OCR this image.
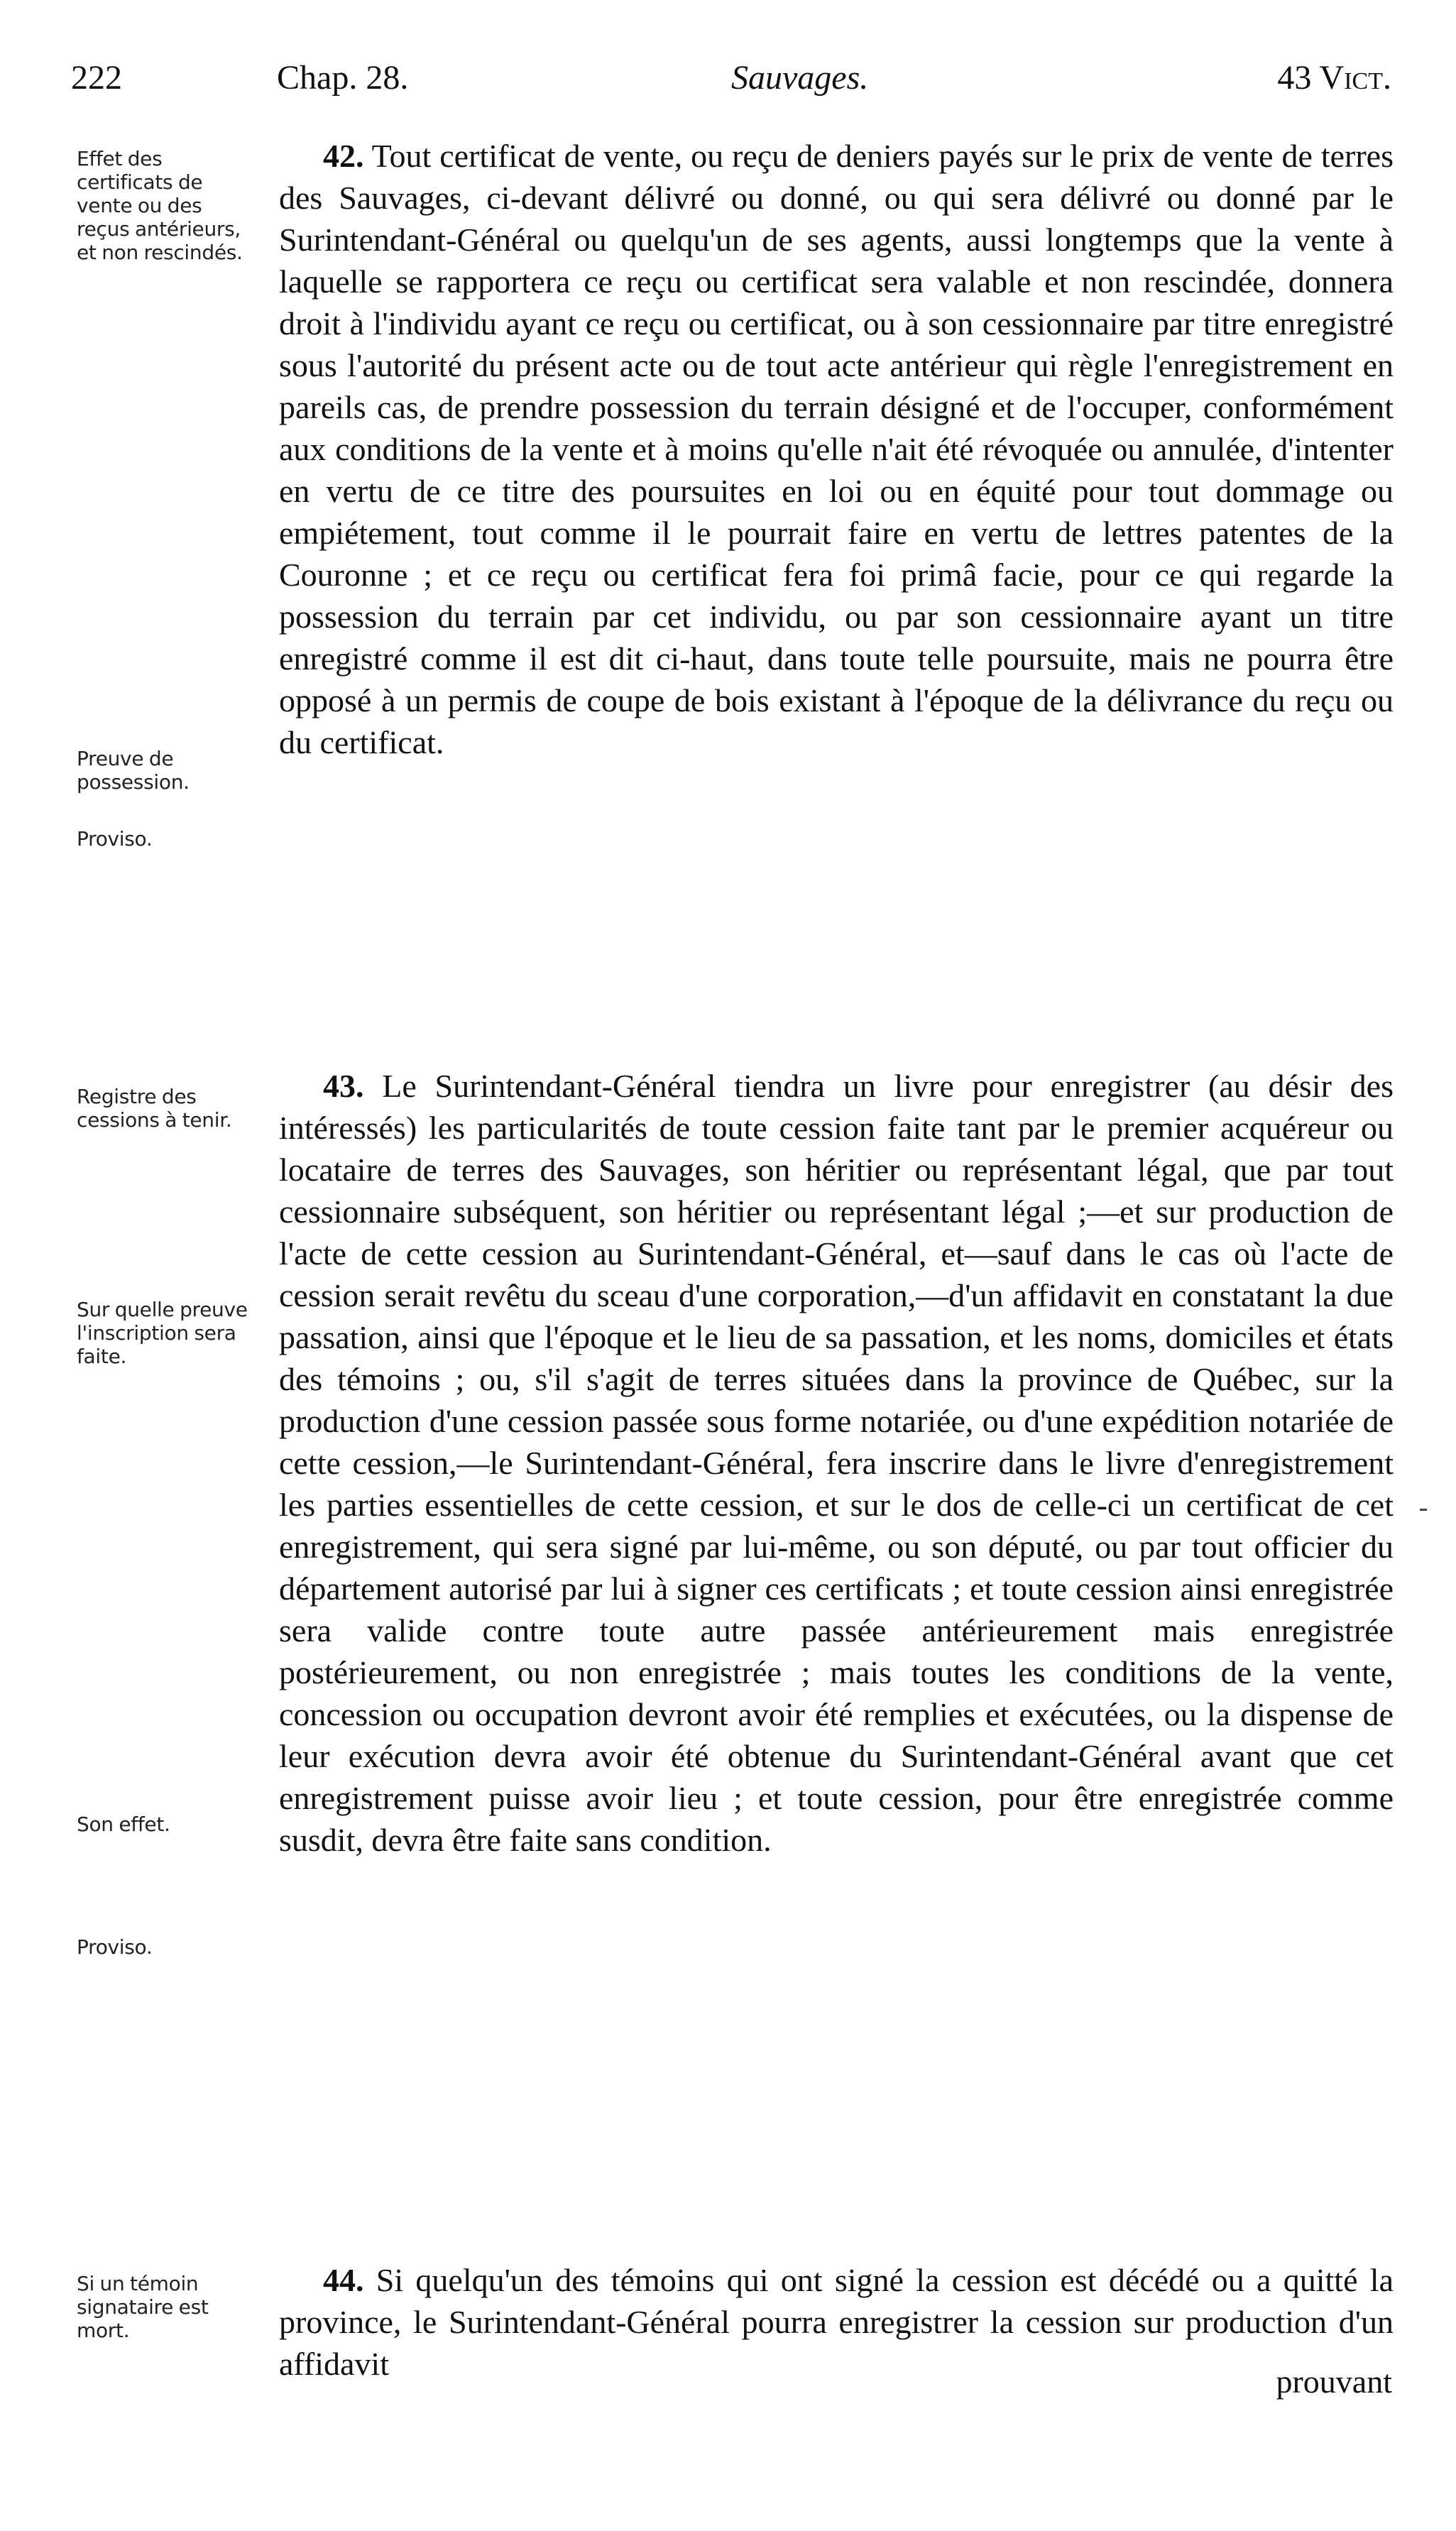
222	Chap. 28.	Sauvages.	43 Vict.

Effet des certificats de vente ou des reçus antérieurs, et non rescindés.

Preuve de possession.

Proviso.

42. Tout certificat de vente, ou reçu de deniers payés sur le prix de vente de terres des Sauvages, ci-devant délivré ou donné, ou qui sera délivré ou donné par le Surintendant-Général ou quelqu'un de ses agents, aussi longtemps que la vente à laquelle se rapportera ce reçu ou certificat sera valable et non rescindée, donnera droit à l'individu ayant ce reçu ou certificat, ou à son cessionnaire par titre enregistré sous l'autorité du présent acte ou de tout acte antérieur qui règle l'enregistrement en pareils cas, de prendre possession du terrain désigné et de l'occuper, conformément aux conditions de la vente et à moins qu'elle n'ait été révoquée ou annulée, d'intenter en vertu de ce titre des poursuites en loi ou en équité pour tout dommage ou empiétement, tout comme il le pourrait faire en vertu de lettres patentes de la Couronne ; et ce reçu ou certificat fera foi primâ facie, pour ce qui regarde la possession du terrain par cet individu, ou par son cessionnaire ayant un titre enregistré comme il est dit ci-haut, dans toute telle poursuite, mais ne pourra être opposé à un permis de coupe de bois existant à l'époque de la délivrance du reçu ou du certificat.

Registre des cessions à tenir.

Sur quelle preuve l'inscription sera faite.

Son effet.

Proviso.

43. Le Surintendant-Général tiendra un livre pour enregistrer (au désir des intéressés) les particularités de toute cession faite tant par le premier acquéreur ou locataire de terres des Sauvages, son héritier ou représentant légal, que par tout cessionnaire subséquent, son héritier ou représentant légal ;—et sur production de l'acte de cette cession au Surintendant-Général, et—sauf dans le cas où l'acte de cession serait revêtu du sceau d'une corporation,—d'un affidavit en constatant la due passation, ainsi que l'époque et le lieu de sa passation, et les noms, domiciles et états des témoins ; ou, s'il s'agit de terres situées dans la province de Québec, sur la production d'une cession passée sous forme notariée, ou d'une expédition notariée de cette cession,—le Surintendant-Général, fera inscrire dans le livre d'enregistrement les parties essentielles de cette cession, et sur le dos de celle-ci un certificat de cet enregistrement, qui sera signé par lui-même, ou son député, ou par tout officier du département autorisé par lui à signer ces certificats ; et toute cession ainsi enregistrée sera valide contre toute autre passée antérieurement mais enregistrée postérieurement, ou non enregistrée ; mais toutes les conditions de la vente, concession ou occupation devront avoir été remplies et exécutées, ou la dispense de leur exécution devra avoir été obtenue du Surintendant-Général avant que cet enregistrement puisse avoir lieu ; et toute cession, pour être enregistrée comme susdit, devra être faite sans condition.

Si un témoin signataire est mort.

44. Si quelqu'un des témoins qui ont signé la cession est décédé ou a quitté la province, le Surintendant-Général pourra enregistrer la cession sur production d'un affidavit	prouvant
